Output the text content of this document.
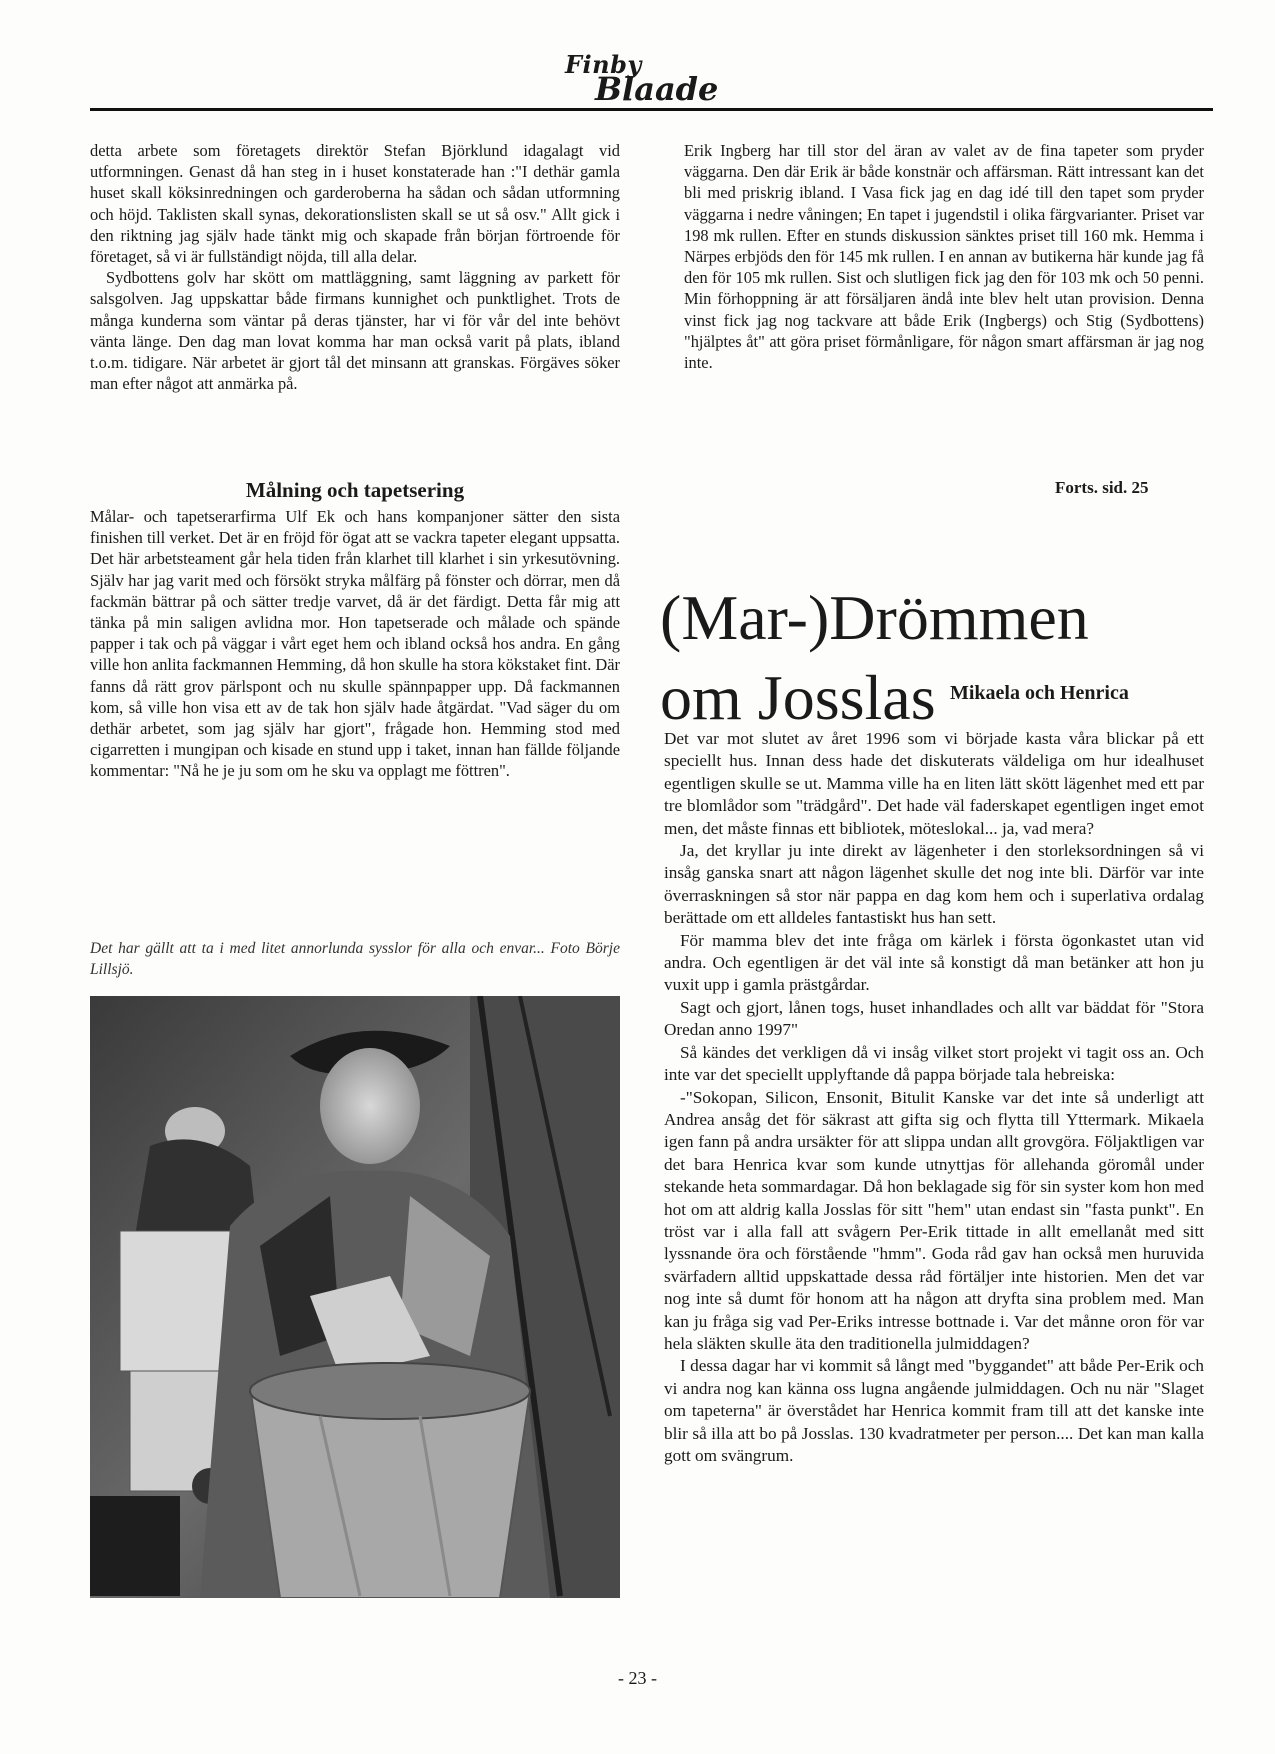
Finby
Blaade

detta arbete som företagets direktör Stefan Björklund idagalagt vid utformningen. Genast då han steg in i huset konstaterade han :"I dethär gamla huset skall köksinredningen och garderoberna ha sådan och sådan utformning och höjd. Taklisten skall synas, dekorationslisten skall se ut så osv." Allt gick i den riktning jag själv hade tänkt mig och skapade från början förtroende för företaget, så vi är fullständigt nöjda, till alla delar.

Sydbottens golv har skött om mattläggning, samt läggning av parkett för salsgolven. Jag uppskattar både firmans kunnighet och punktlighet. Trots de många kunderna som väntar på deras tjänster, har vi för vår del inte behövt vänta länge. Den dag man lovat komma har man också varit på plats, ibland t.o.m. tidigare. När arbetet är gjort tål det minsann att granskas. Förgäves söker man efter något att anmärka på.

Målning och tapetsering

Målar- och tapetserarfirma Ulf Ek och hans kompanjoner sätter den sista finishen till verket. Det är en fröjd för ögat att se vackra tapeter elegant uppsatta. Det här arbetsteament går hela tiden från klarhet till klarhet i sin yrkesutövning. Själv har jag varit med och försökt stryka målfärg på fönster och dörrar, men då fackmän bättrar på och sätter tredje varvet, då är det färdigt. Detta får mig att tänka på min saligen avlidna mor. Hon tapetserade och målade och spände papper i tak och på väggar i vårt eget hem och ibland också hos andra. En gång ville hon anlita fackmannen Hemming, då hon skulle ha stora kökstaket fint. Där fanns då rätt grov pärlspont och nu skulle spännpapper upp. Då fackmannen kom, så ville hon visa ett av de tak hon själv hade åtgärdat. "Vad säger du om dethär arbetet, som jag själv har gjort", frågade hon. Hemming stod med cigarretten i mungipan och kisade en stund upp i taket, innan han fällde följande kommentar: "Nå he je ju som om he sku va opplagt me föttren".

Det har gällt att ta i med litet annorlunda sysslor för alla och envar... Foto Börje Lillsjö.

Erik Ingberg har till stor del äran av valet av de fina tapeter som pryder väggarna. Den där Erik är både konstnär och affärsman. Rätt intressant kan det bli med priskrig ibland. I Vasa fick jag en dag idé till den tapet som pryder väggarna i nedre våningen; En tapet i jugendstil i olika färgvarianter. Priset var 198 mk rullen. Efter en stunds diskussion sänktes priset till 160 mk. Hemma i Närpes erbjöds den för 145 mk rullen. I en annan av butikerna här kunde jag få den för 105 mk rullen. Sist och slutligen fick jag den för 103 mk och 50 penni. Min förhoppning är att försäljaren ändå inte blev helt utan provision. Denna vinst fick jag nog tackvare att både Erik (Ingbergs) och Stig (Sydbottens) "hjälptes åt" att göra priset förmånligare, för någon smart affärsman är jag nog inte.

Forts. sid. 25
(Mar-)Drömmen
om Josslas Mikaela och Henrica

Det var mot slutet av året 1996 som vi började kasta våra blickar på ett speciellt hus. Innan dess hade det diskuterats väldeliga om hur idealhuset egentligen skulle se ut. Mamma ville ha en liten lätt skött lägenhet med ett par tre blomlådor som "trädgård". Det hade väl faderskapet egentligen inget emot men, det måste finnas ett bibliotek, möteslokal... ja, vad mera?

Ja, det kryllar ju inte direkt av lägenheter i den storleksordningen så vi insåg ganska snart att någon lägenhet skulle det nog inte bli. Därför var inte överraskningen så stor när pappa en dag kom hem och i superlativa ordalag berättade om ett alldeles fantastiskt hus han sett.

För mamma blev det inte fråga om kärlek i första ögonkastet utan vid andra. Och egentligen är det väl inte så konstigt då man betänker att hon ju vuxit upp i gamla prästgårdar.

Sagt och gjort, lånen togs, huset inhandlades och allt var bäddat för "Stora Oredan anno 1997"

Så kändes det verkligen då vi insåg vilket stort projekt vi tagit oss an. Och inte var det speciellt upplyftande då pappa började tala hebreiska:

-"Sokopan, Silicon, Ensonit, Bitulit Kanske var det inte så underligt att Andrea ansåg det för säkrast att gifta sig och flytta till Yttermark. Mikaela igen fann på andra ursäkter för att slippa undan allt grovgöra. Följaktligen var det bara Henrica kvar som kunde utnyttjas för allehanda göromål under stekande heta sommardagar. Då hon beklagade sig för sin syster kom hon med hot om att aldrig kalla Josslas för sitt "hem" utan endast sin "fasta punkt". En tröst var i alla fall att svågern Per-Erik tittade in allt emellanåt med sitt lyssnande öra och förstående "hmm". Goda råd gav han också men huruvida svärfadern alltid uppskattade dessa råd förtäljer inte historien. Men det var nog inte så dumt för honom att ha någon att dryfta sina problem med. Man kan ju fråga sig vad Per-Eriks intresse bottnade i. Var det månne oron för var hela släkten skulle äta den traditionella julmiddagen?

I dessa dagar har vi kommit så långt med "byggandet" att både Per-Erik och vi andra nog kan känna oss lugna angående julmiddagen. Och nu när "Slaget om tapeterna" är överstådet har Henrica kommit fram till att det kanske inte blir så illa att bo på Josslas. 130 kvadratmeter per person.... Det kan man kalla gott om svängrum.

- 23 -
